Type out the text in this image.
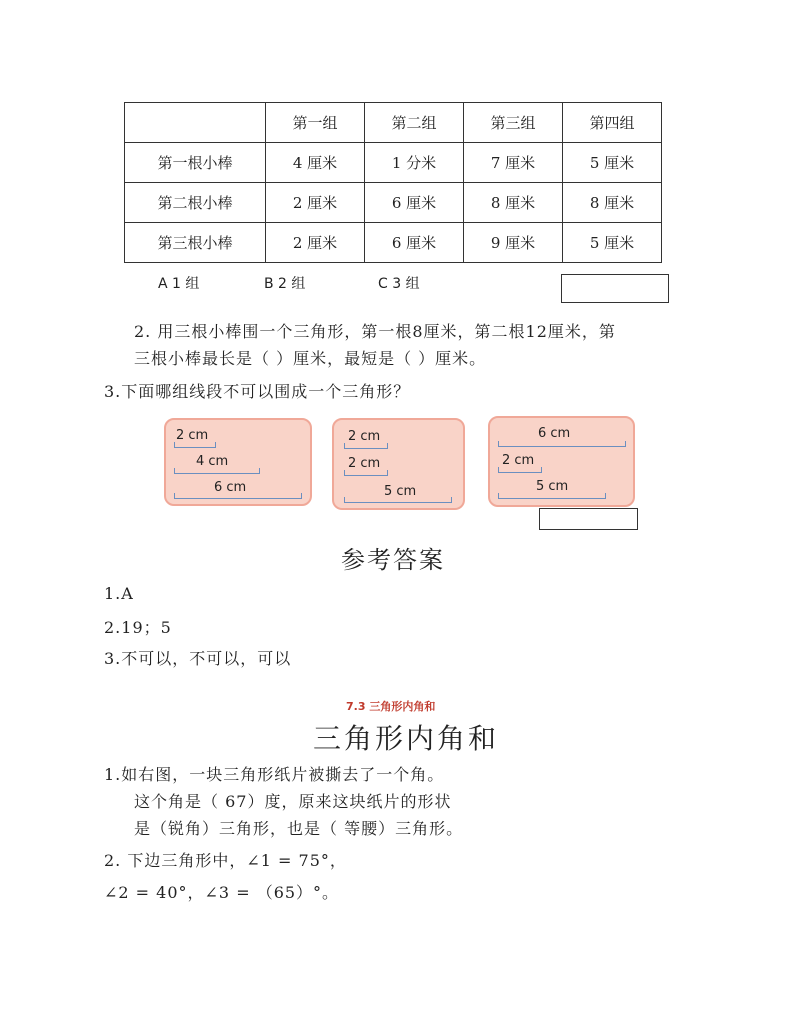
	第一组	第二组	第三组	第四组
第一根小棒	4 厘米	1 分米	7 厘米	5 厘米
第二根小棒	2 厘米	6 厘米	8 厘米	8 厘米
第三根小棒	2 厘米	6 厘米	9 厘米	5 厘米
A 1 组	B 2 组	C 3 组
2. 用三根小棒围一个三角形，第一根8厘米，第二根12厘米，第
三根小棒最长是（ ）厘米，最短是（ ）厘米。
3.下面哪组线段不可以围成一个三角形？
2 cm
4 cm
6 cm
2 cm
2 cm
5 cm
6 cm
2 cm
5 cm
参考答案
1.A
2.19；5
3.不可以，不可以，可以
7.3 三角形内角和
三角形内角和
1.如右图，一块三角形纸片被撕去了一个角。
这个角是（ 67）度，原来这块纸片的形状
是（锐角）三角形，也是（ 等腰）三角形。
2. 下边三角形中，∠1 = 75°，
∠2 = 40°，∠3 = （65）°。
